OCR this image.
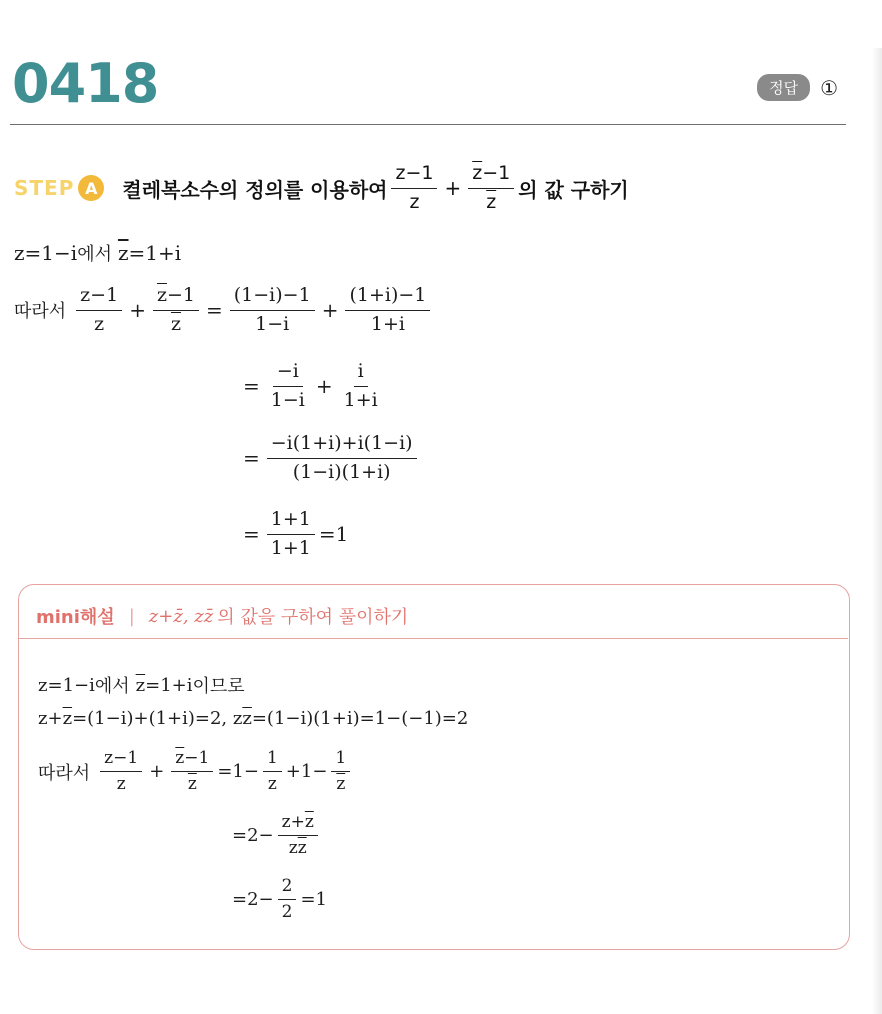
0418	정답	①
STEP A	켤레복소수의 정의를 이용하여 $\frac{z-1}{z} + \frac{\overline{z}-1}{z}$ 의 값 구하기
z=1−i 에서 $\overline{z} =1+i$
따라서 $\frac{z-1}{z} + \frac{\overline{z}-1}{z} = \frac{(1-i)-1}{1-i} + \frac{(1+i)-1}{1+i}$
= $\frac{-i}{1-i} + \frac{i}{1+i}$
= $\frac{-i(1+i)+i(1-i)}{(1-i)(1+i)}$
= $\frac{1+1}{1+1} =1$
mini해설 | z+z̄, zz̄ 의 값을 구하여 풀이하기
z=1−i 에서 $\overline{z} =1+i$ 이므로
$z+ \overline{z} =(1-i)+(1+i)=2$, z $\overline{z} =(1-i)(1+i)=1-(-1)=2$
따라서 $\frac{z-1}{z} + \frac{\overline{z}-1}{z} =1- \frac{1}{z} +1- \frac{1}{z}$
$=2- \frac{z+\overline{z}}{z\overline{z}}$
$=2- \frac{2}{2} =1$
